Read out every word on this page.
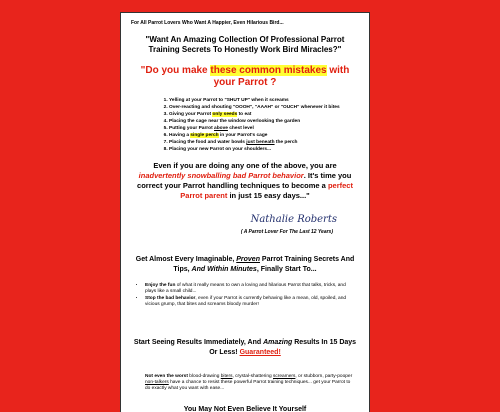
For All Parrot Lovers Who Want A Happier, Even Hilarious Bird...
"Want An Amazing Collection Of Professional Parrot Training Secrets To Honestly Work Bird Miracles?"
"Do you make these common mistakes with your Parrot ?
1. Yelling at your Parrot to "SHUT UP" when it screams
2. Over-reacting and shouting "OOOH", "AAAH" or "OUCH" whenever it bites
3. Giving your Parrot only seeds to eat
4. Placing the cage near the window overlooking the garden
5. Putting your Parrot above chest level
6. Having a single perch in your Parrot's cage
7. Placing the food and water bowls just beneath the perch
8. Placing your new Parrot on your shoulders...
Even if you are doing any one of the above, you are inadvertently snowballing bad Parrot behavior. It's time you correct your Parrot handling techniques to become a perfect Parrot parent in just 15 easy days..."
Nathalie Roberts
( A Parrot Lover For The Last 12 Years)
Get Almost Every Imaginable, Proven Parrot Training Secrets And Tips, And Within Minutes, Finally Start To...
• Enjoy the fun of what it really means to own a loving and hilarious Parrot that talks, tricks, and plays like a small child...
• Stop the bad behavior, even if your Parrot is currently behaving like a mean, old, spoiled, and vicious grump, that bites and screams bloody murder!
Start Seeing Results Immediately, And Amazing Results In 15 Days Or Less! Guaranteed!
Not even the worst blood-drawing biters, crystal-shattering screamers, or stubborn, party-pooper non-talkers have a chance to resist these powerful Parrot training techniques... get your Parrot to do exactly what you want with ease...
You May Not Even Believe It Yourself
